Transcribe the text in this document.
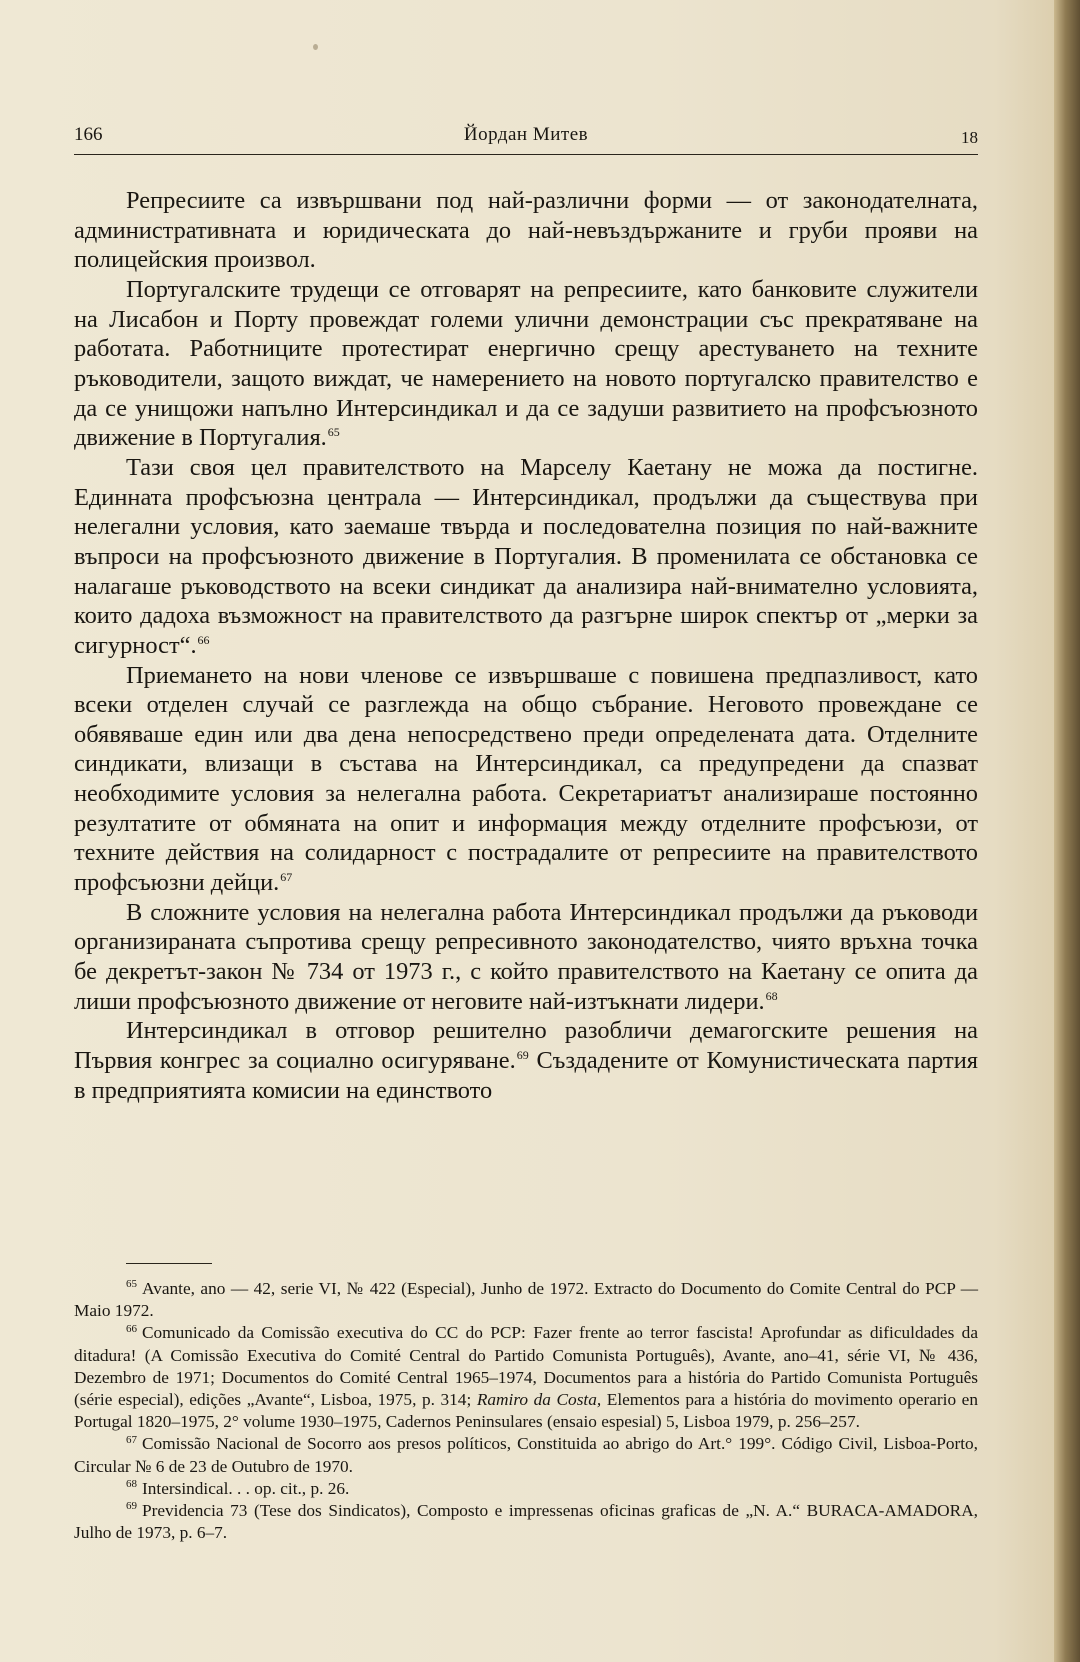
166	Йордан Митев	18

Репресиите са извършвани под най-различни форми — от законодателната, административната и юридическата до най-невъздържаните и груби прояви на полицейския произвол.

Португалските трудещи се отговарят на репресиите, като банковите служители на Лисабон и Порту провеждат големи улични демонстрации със прекратяване на работата. Работниците протестират енергично срещу арестуването на техните ръководители, защото виждат, че намерението на новото португалско правителство е да се унищожи напълно Интерсиндикал и да се задуши развитието на профсъюзното движение в Португалия.$^{65}$

Тази своя цел правителството на Марселу Каетану не можа да постигне. Единната профсъюзна централа — Интерсиндикал, продължи да съществува при нелегални условия, като заемаше твърда и последователна позиция по най-важните въпроси на профсъюзното движение в Португалия. В променилата се обстановка се налагаше ръководството на всеки синдикат да анализира най-внимателно условията, които дадоха възможност на правителството да разгърне широк спектър от „мерки за сигурност“.$^{66}$

Приемането на нови членове се извършваше с повишена предпазливост, като всеки отделен случай се разглежда на общо събрание. Неговото провеждане се обявяваше един или два дена непосредствено преди определената дата. Отделните синдикати, влизащи в състава на Интерсиндикал, са предупредени да спазват необходимите условия за нелегална работа. Секретариатът анализираше постоянно резултатите от обмяната на опит и информация между отделните профсъюзи, от техните действия на солидарност с пострадалите от репресиите на правителството профсъюзни дейци.$^{67}$

В сложните условия на нелегална работа Интерсиндикал продължи да ръководи организираната съпротива срещу репресивното законодателство, чиято връхна точка бе декретът-закон № 734 от 1973 г., с който правителството на Каетану се опита да лиши профсъюзното движение от неговите най-изтъкнати лидери.$^{68}$

Интерсиндикал в отговор решително разобличи демагогските решения на Първия конгрес за социално осигуряване.$^{69}$ Създадените от Комунистическата партия в предприятията комисии на единството

$^{65}$ Avante, ano — 42, serie VI, № 422 (Especial), Junho de 1972. Extracto do Documento do Comite Central do PCP — Maio 1972.

$^{66}$ Comunicado da Comissão executiva do CC do PCP: Fazer frente ao terror fascista! Aprofundar as dificuldades da ditadura! (A Comissão Executiva do Comité Central do Partido Comunista Português), Avante, ano–41, série VI, № 436, Dezembro de 1971; Documentos do Comité Central 1965–1974, Documentos para a história do Partido Comunista Português (série especial), edições „Avante“, Lisboa, 1975, p. 314; Ramiro da Costa, Elementos para a história do movimento operario en Portugal 1820–1975, 2° volume 1930–1975, Cadernos Peninsulares (ensaio espesial) 5, Lisboa 1979, p. 256–257.

$^{67}$ Comissão Nacional de Socorro aos presos políticos, Constituida ao abrigo do Art.° 199°. Código Civil, Lisboa-Porto, Circular № 6 de 23 de Outubro de 1970.

$^{68}$ Intersindical. . . op. cit., p. 26.

$^{69}$ Previdencia 73 (Tese dos Sindicatos), Composto e impressenas oficinas graficas de „N. A.“ BURACA-AMADORA, Julho de 1973, p. 6–7.
